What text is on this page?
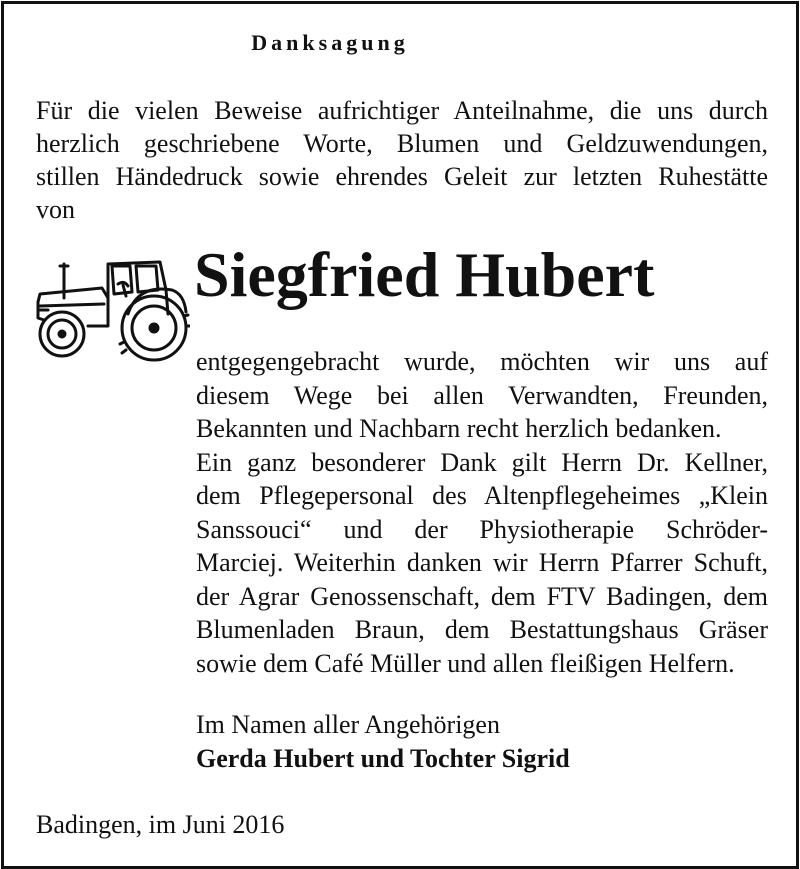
Danksagung
Für die vielen Beweise aufrichtiger Anteilnahme, die uns durch
herzlich geschriebene Worte, Blumen und Geldzuwendungen,
stillen Händedruck sowie ehrendes Geleit zur letzten Ruhestätte
von
Siegfried Hubert
entgegengebracht wurde, möchten wir uns auf
diesem Wege bei allen Verwandten, Freunden,
Bekannten und Nachbarn recht herzlich bedanken.
Ein ganz besonderer Dank gilt Herrn Dr. Kellner,
dem Pflegepersonal des Altenpflegeheimes „Klein
Sanssouci“ und der Physiotherapie Schröder-
Marciej. Weiterhin danken wir Herrn Pfarrer Schuft,
der Agrar Genossenschaft, dem FTV Badingen, dem
Blumenladen Braun, dem Bestattungshaus Gräser
sowie dem Café Müller und allen fleißigen Helfern.
Im Namen aller Angehörigen
Gerda Hubert und Tochter Sigrid
Badingen, im Juni 2016
